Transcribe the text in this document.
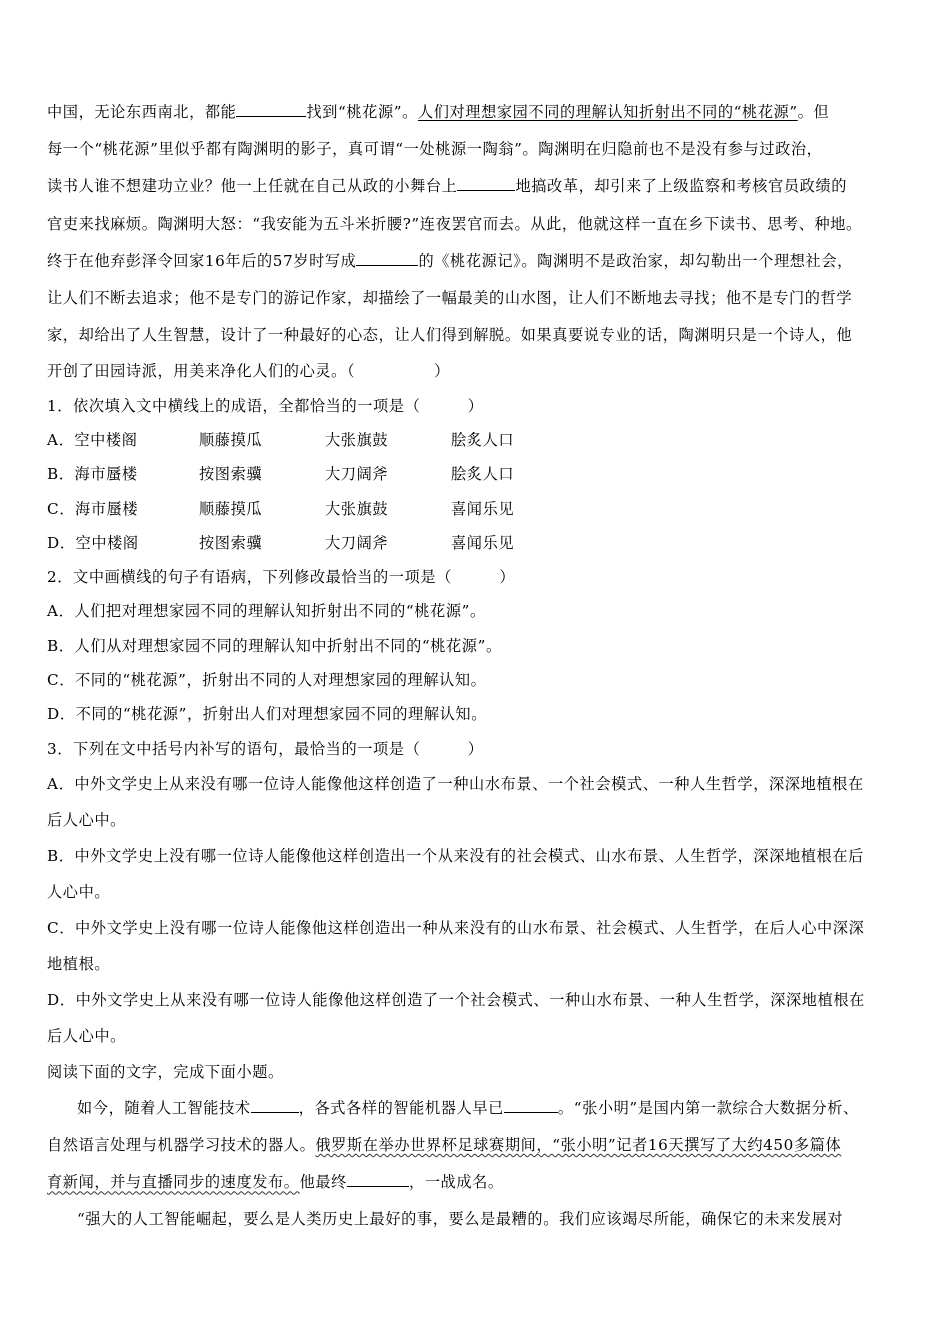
中国，无论东西南北，都能	找到“桃花源”。人们对理想家园不同的理解认知折射出不同的“桃花源”。但
每一个“桃花源”里似乎都有陶渊明的影子，真可谓“一处桃源一陶翁”。陶渊明在归隐前也不是没有参与过政治，
读书人谁不想建功立业？他一上任就在自己从政的小舞台上	地搞改革，却引来了上级监察和考核官员政绩的
官吏来找麻烦。陶渊明大怒：“我安能为五斗米折腰?”连夜罢官而去。从此，他就这样一直在乡下读书、思考、种地。
终于在他弃彭泽令回家16年后的57岁时写成	的《桃花源记》。陶渊明不是政治家，却勾勒出一个理想社会，
让人们不断去追求；他不是专门的游记作家，却描绘了一幅最美的山水图，让人们不断地去寻找；他不是专门的哲学
家，却给出了人生智慧，设计了一种最好的心态，让人们得到解脱。如果真要说专业的话，陶渊明只是一个诗人，他
开创了田园诗派，用美来净化人们的心灵。（　　　　　）
1．依次填入文中横线上的成语，全都恰当的一项是（　　　）
A．空中楼阁	顺藤摸瓜	大张旗鼓	脍炙人口
B．海市蜃楼	按图索骥	大刀阔斧	脍炙人口
C．海市蜃楼	顺藤摸瓜	大张旗鼓	喜闻乐见
D．空中楼阁	按图索骥	大刀阔斧	喜闻乐见
2．文中画横线的句子有语病，下列修改最恰当的一项是（　　　）
A．人们把对理想家园不同的理解认知折射出不同的“桃花源”。
B．人们从对理想家园不同的理解认知中折射出不同的“桃花源”。
C．不同的“桃花源”，折射出不同的人对理想家园的理解认知。
D．不同的“桃花源”，折射出人们对理想家园不同的理解认知。
3．下列在文中括号内补写的语句，最恰当的一项是（　　　）
A．中外文学史上从来没有哪一位诗人能像他这样创造了一种山水布景、一个社会模式、一种人生哲学，深深地植根在
后人心中。
B．中外文学史上没有哪一位诗人能像他这样创造出一个从来没有的社会模式、山水布景、人生哲学，深深地植根在后
人心中。
C．中外文学史上没有哪一位诗人能像他这样创造出一种从来没有的山水布景、社会模式、人生哲学，在后人心中深深
地植根。
D．中外文学史上从来没有哪一位诗人能像他这样创造了一个社会模式、一种山水布景、一种人生哲学，深深地植根在
后人心中。
阅读下面的文字，完成下面小题。
如今，随着人工智能技术	，各式各样的智能机器人早已	。“张小明”是国内第一款综合大数据分析、
自然语言处理与机器学习技术的器人。俄罗斯在举办世界杯足球赛期间，“张小明”记者16天撰写了大约450多篇体
育新闻，并与直播同步的速度发布。他最终	，一战成名。
“强大的人工智能崛起，要么是人类历史上最好的事，要么是最糟的。我们应该竭尽所能，确保它的未来发展对
